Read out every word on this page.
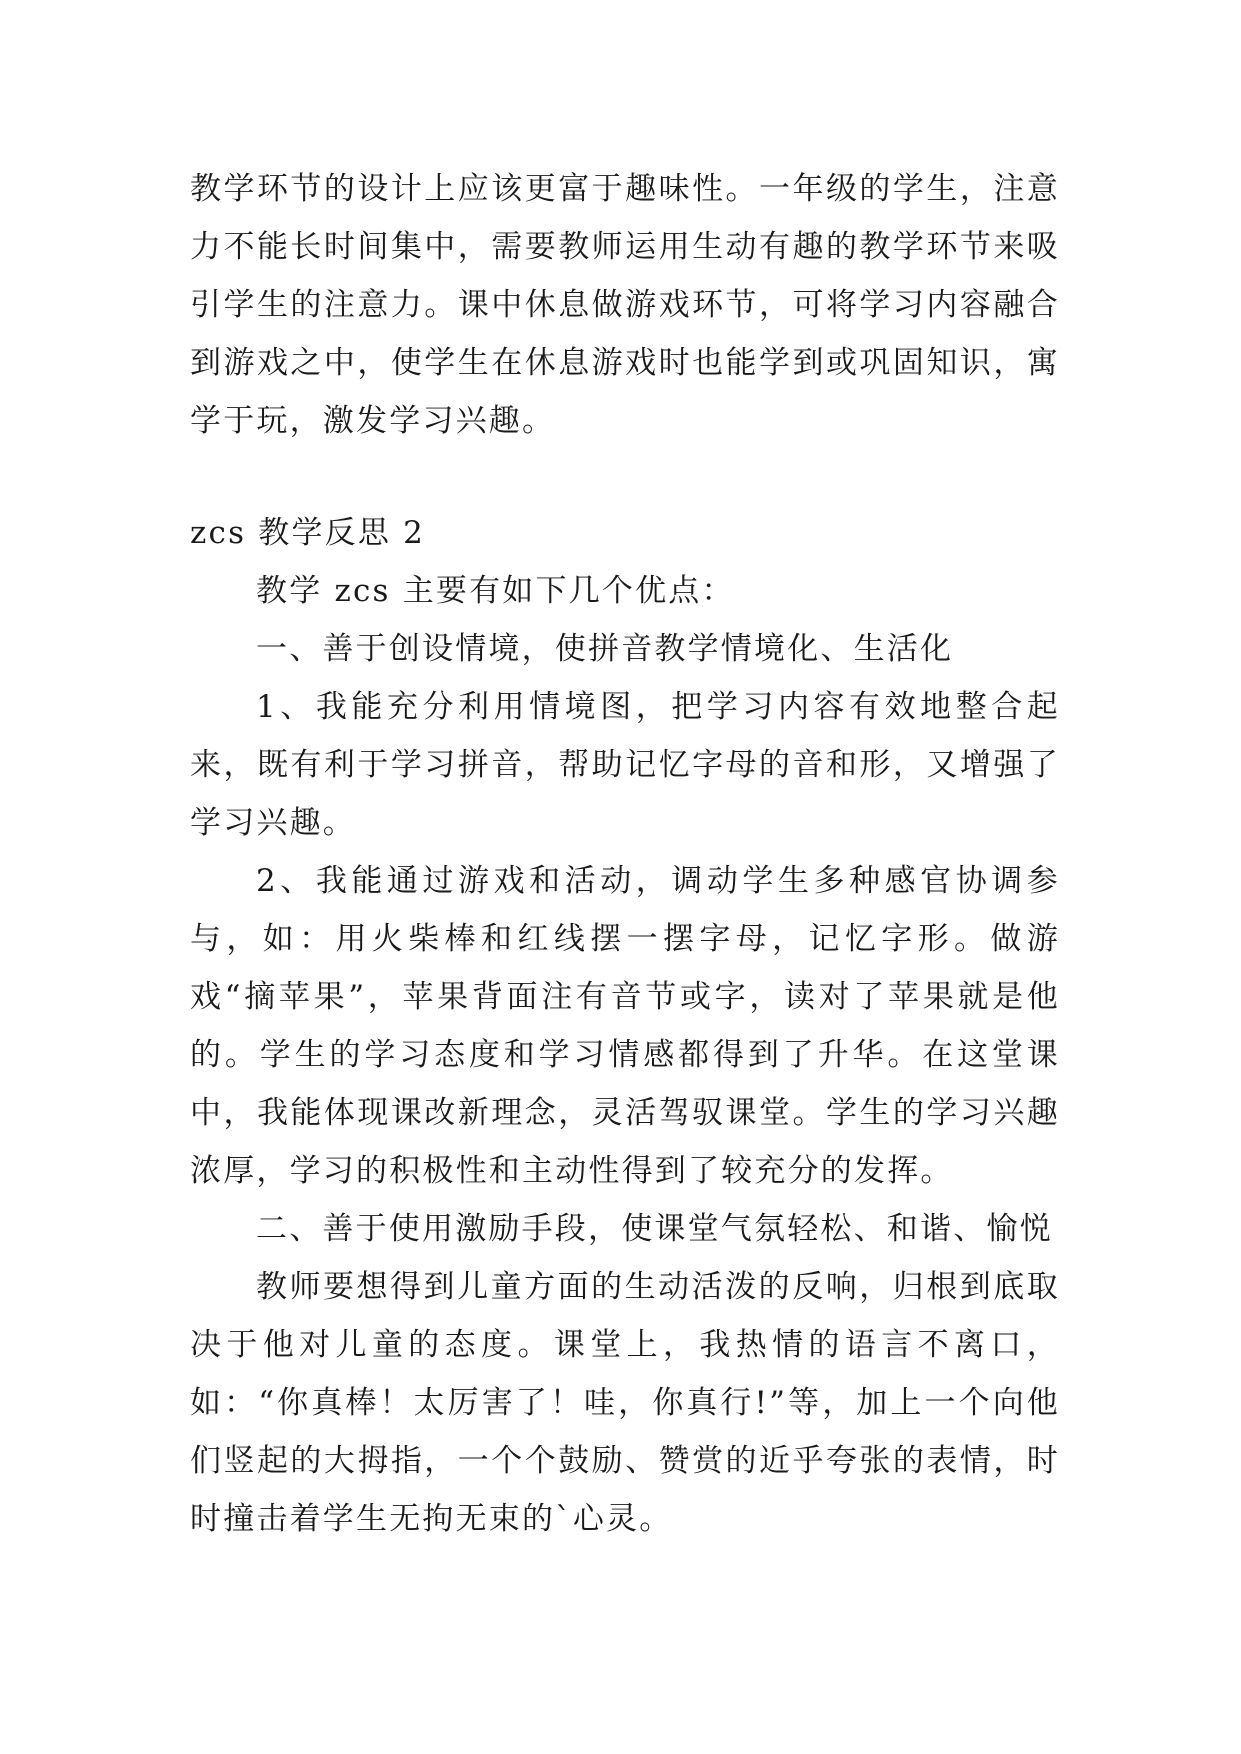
教学环节的设计上应该更富于趣味性。一年级的学生，注意力不能长时间集中，需要教师运用生动有趣的教学环节来吸引学生的注意力。课中休息做游戏环节，可将学习内容融合到游戏之中，使学生在休息游戏时也能学到或巩固知识，寓学于玩，激发学习兴趣。

zcs 教学反思 2

教学 zcs 主要有如下几个优点：

一、善于创设情境，使拼音教学情境化、生活化

1、我能充分利用情境图，把学习内容有效地整合起来，既有利于学习拼音，帮助记忆字母的音和形，又增强了学习兴趣。

2、我能通过游戏和活动，调动学生多种感官协调参与，如：用火柴棒和红线摆一摆字母，记忆字形。做游戏“摘苹果”，苹果背面注有音节或字，读对了苹果就是他的。学生的学习态度和学习情感都得到了升华。在这堂课中，我能体现课改新理念，灵活驾驭课堂。学生的学习兴趣浓厚，学习的积极性和主动性得到了较充分的发挥。

二、善于使用激励手段，使课堂气氛轻松、和谐、愉悦

教师要想得到儿童方面的生动活泼的反响，归根到底取决于他对儿童的态度。课堂上，我热情的语言不离口，如：“你真棒！太厉害了！哇，你真行!”等，加上一个向他们竖起的大拇指，一个个鼓励、赞赏的近乎夸张的表情，时时撞击着学生无拘无束的`心灵。
